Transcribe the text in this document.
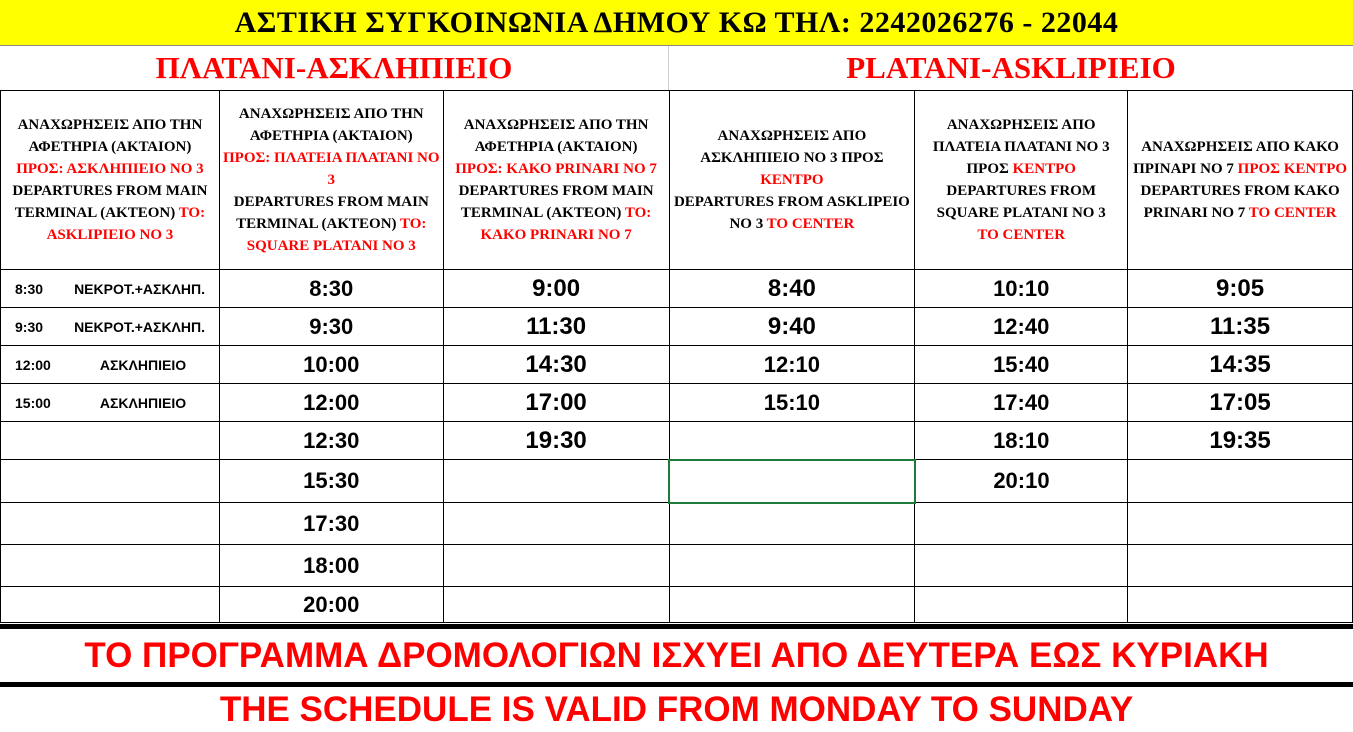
ΑΣΤΙΚΗ ΣΥΓΚΟΙΝΩΝΙΑ ΔΗΜΟΥ ΚΩ ΤΗΛ: 2242026276 - 22044
ΠΛΑΤΑΝΙ-ΑΣΚΛΗΠΙΕΙΟ	PLATANI-ASKLIPIEIO
ΑΝΑΧΩΡΗΣΕΙΣ ΑΠΟ ΤΗΝ ΑΦΕΤΗΡΙΑ (ΑΚΤΑΙΟΝ)
ΠΡΟΣ: ΑΣΚΛΗΠΙΕΙΟ ΝΟ 3
DEPARTURES FROM MAIN TERMINAL (AKTEON) TO: ASKLIPIEIO NO 3	ΑΝΑΧΩΡΗΣΕΙΣ ΑΠΟ ΤΗΝ ΑΦΕΤΗΡΙΑ (ΑΚΤΑΙΟΝ)
ΠΡΟΣ: ΠΛΑΤΕΙΑ ΠΛΑΤΑΝΙ ΝΟ 3
DEPARTURES FROM MAIN TERMINAL (AKTEON) TO: SQUARE PLATANI NO 3	ΑΝΑΧΩΡΗΣΕΙΣ ΑΠΟ ΤΗΝ ΑΦΕΤΗΡΙΑ (ΑΚΤΑΙΟΝ)
ΠΡΟΣ: ΚΑΚΟ PRINARI ΝΟ 7
DEPARTURES FROM MAIN TERMINAL (AKTEON) TO: KAKO PRINARI NO 7	ΑΝΑΧΩΡΗΣΕΙΣ ΑΠΟ ΑΣΚΛΗΠΙΕΙΟ ΝΟ 3 ΠΡΟΣ
ΚΕΝΤΡΟ
DEPARTURES FROM ASKLIPEIO NO 3 TO CENTER	ΑΝΑΧΩΡΗΣΕΙΣ ΑΠΟ ΠΛΑΤΕΙΑ ΠΛΑΤΑΝΙ ΝΟ 3 ΠΡΟΣ ΚΕΝΤΡΟ
DEPARTURES FROM SQUARE PLATANI NO 3
TO CENTER	ΑΝΑΧΩΡΗΣΕΙΣ ΑΠΟ ΚΑΚΟ ΠΡΙΝΑΡΙ ΝΟ 7 ΠΡΟΣ ΚΕΝΤΡΟ
DEPARTURES FROM KAKO PRINARI NO 7 TO CENTER
8:30 ΝΕΚΡΟΤ.+ΑΣΚΛΗΠ.	8:30	9:00	8:40	10:10	9:05
9:30 ΝΕΚΡΟΤ.+ΑΣΚΛΗΠ.	9:30	11:30	9:40	12:40	11:35
12:00 ΑΣΚΛΗΠΙΕΙΟ	10:00	14:30	12:10	15:40	14:35
15:00 ΑΣΚΛΗΠΙΕΙΟ	12:00	17:00	15:10	17:40	17:05
	12:30	19:30		18:10	19:35
	15:30			20:10	
	17:30				
	18:00				
	20:00				
ΤΟ ΠΡΟΓΡΑΜΜΑ ΔΡΟΜΟΛΟΓΙΩΝ ΙΣΧΥΕΙ ΑΠΟ ΔΕΥΤΕΡΑ ΕΩΣ ΚΥΡΙΑΚΗ
THE SCHEDULE IS VALID FROM MONDAY TO SUNDAY
